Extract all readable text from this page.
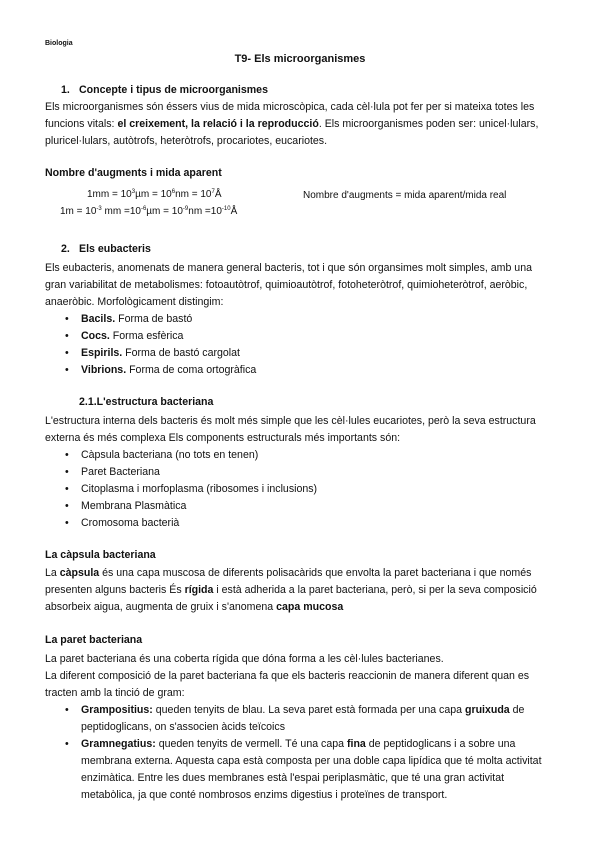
Biologia
T9- Els microorganismes
1. Concepte i tipus de microorganismes

Els microorganismes són éssers vius de mida microscòpica, cada cèl·lula pot fer per si mateixa totes les funcions vitals: el creixement, la relació i la reproducció. Els microorganismes poden ser: unicel·lulars, pluricel·lulars, autòtrofs, heteròtrofs, procariotes, eucariotes.

Nombre d'augments i mida aparent
$1mm = 10^3\mu m = 10^6nm$ = $10^7Å$	Nombre d'augments = mida aparent/mida real
$1m = 10^{-3}$ mm $=10^{-6}\mu m = 10^{-9}nm$ $=10^{-10}Å$
2. Els eubacteris

Els eubacteris, anomenats de manera general bacteris, tot i que són organsimes molt simples, amb una gran variabilitat de metabolismes: fotoautòtrof, quimioautòtrof, fotoheteròtrof, quimioheteròtrof, aeròbic, anaeròbic. Morfològicament distingim:

• Bacils. Forma de bastó
• Cocs. Forma esfèrica
• Espirils. Forma de bastó cargolat
• Vibrions. Forma de coma ortogràfica
2.1.L'estructura bacteriana

L'estructura interna dels bacteris és molt més simple que les cèl·lules eucariotes, però la seva estructura externa és més complexa Els components estructurals més importants són:

• Càpsula bacteriana (no tots en tenen)
• Paret Bacteriana
• Citoplasma i morfoplasma (ribosomes i inclusions)
• Membrana Plasmàtica
• Cromosoma bacterià
La càpsula bacteriana

La càpsula és una capa muscosa de diferents polisacàrids que envolta la paret bacteriana i que només presenten alguns bacteris És rígida i està adherida a la paret bacteriana, però, si per la seva composició absorbeix aigua, augmenta de gruix i s'anomena capa mucosa

La paret bacteriana

La paret bacteriana és una coberta rígida que dóna forma a les cèl·lules bacterianes.

La diferent composició de la paret bacteriana fa que els bacteris reaccionin de manera diferent quan es tracten amb la tinció de gram:

• Grampositius: queden tenyits de blau. La seva paret està formada per una capa gruixuda de peptidoglicans, on s'associen àcids teïcoics
• Gramnegatius: queden tenyits de vermell. Té una capa fina de peptidoglicans i a sobre una membrana externa. Aquesta capa està composta per una doble capa lipídica que té molta activitat enzimàtica. Entre les dues membranes està l'espai periplasmàtic, que té una gran activitat metabòlica, ja que conté nombrosos enzims digestius i proteïnes de transport.
